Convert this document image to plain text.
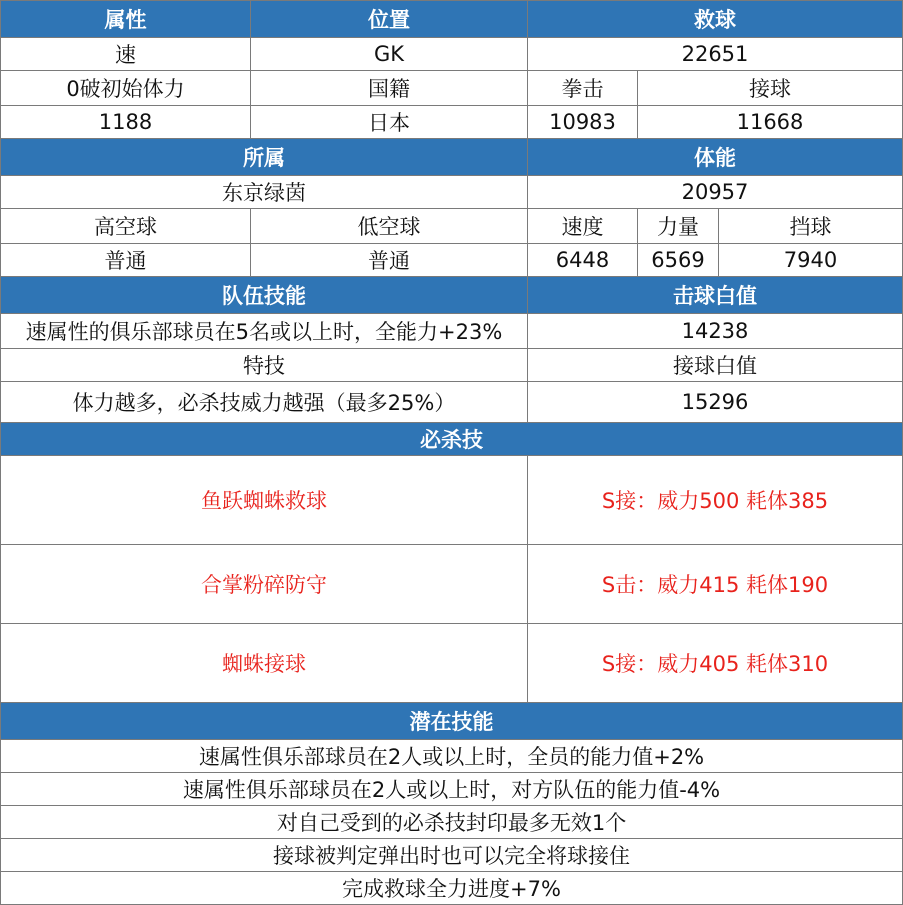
属性	位置	救球		
速	GK	22651		
0破初始体力	国籍	拳击	接球	
1188	日本	10983	11668	
所属		体能		
东京绿茵		20957		
高空球	低空球	速度	力量	挡球
普通	普通	6448	6569	7940
队伍技能		击球白值		
速属性的俱乐部球员在5名或以上时，全能力+23%		14238		
特技		接球白值		
体力越多，必杀技威力越强（最多25%）		15296		
必杀技				
鱼跃蜘蛛救球		S接：威力500 耗体385		
合掌粉碎防守		S击：威力415 耗体190		
蜘蛛接球		S接：威力405 耗体310		
潜在技能				
速属性俱乐部球员在2人或以上时，全员的能力值+2%				
速属性俱乐部球员在2人或以上时，对方队伍的能力值-4%				
对自己受到的必杀技封印最多无效1个				
接球被判定弹出时也可以完全将球接住				
完成救球全力进度+7%				
